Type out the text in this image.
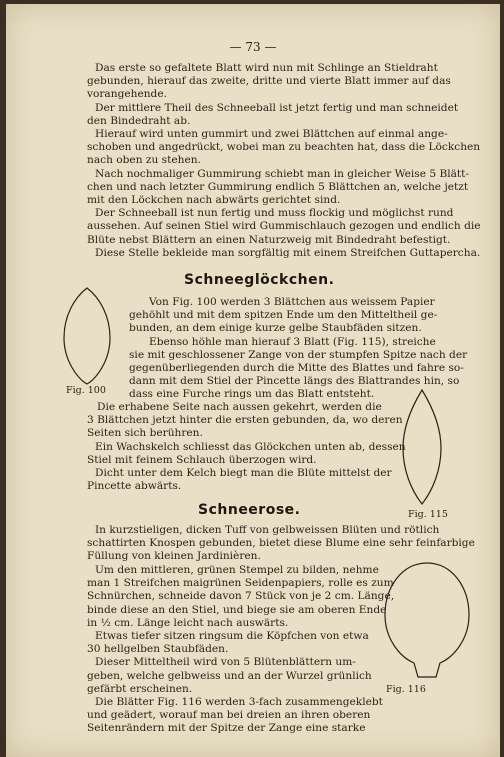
— 73 —
Das erste so gefaltete Blatt wird nun mit Schlinge an Stieldraht
gebunden, hierauf das zweite, dritte und vierte Blatt immer auf das
vorangehende.
Der mittlere Theil des Schneeball ist jetzt fertig und man schneidet
den Bindedraht ab.
Hierauf wird unten gummirt und zwei Blättchen auf einmal ange-
schoben und angedrückt, wobei man zu beachten hat, dass die Löckchen
nach oben zu stehen.
Nach nochmaliger Gummirung schiebt man in gleicher Weise 5 Blätt-
chen und nach letzter Gummirung endlich 5 Blättchen an, welche jetzt
mit den Löckchen nach abwärts gerichtet sind.
Der Schneeball ist nun fertig und muss flockig und möglichst rund
aussehen. Auf seinen Stiel wird Gummischlauch gezogen und endlich die
Blüte nebst Blättern an einen Naturzweig mit Bindedraht befestigt.
Diese Stelle bekleide man sorgfältig mit einem Streifchen Guttapercha.
Schneeglöckchen.
Fig. 100
Von Fig. 100 werden 3 Blättchen aus weissem Papier
gehöhlt und mit dem spitzen Ende um den Mitteltheil ge-
bunden, an dem einige kurze gelbe Staubfäden sitzen.
Ebenso höhle man hierauf 3 Blatt (Fig. 115), streiche
sie mit geschlossener Zange von der stumpfen Spitze nach der
gegenüberliegenden durch die Mitte des Blattes und fahre so-
dann mit dem Stiel der Pincette längs des Blattrandes hin, so
dass eine Furche rings um das Blatt entsteht.
Fig. 115
Die erhabene Seite nach aussen gekehrt, werden die
3 Blättchen jetzt hinter die ersten gebunden, da, wo deren
Seiten sich berühren.
Ein Wachskelch schliesst das Glöckchen unten ab, dessen
Stiel mit feinem Schlauch überzogen wird.
Dicht unter dem Kelch biegt man die Blüte mittelst der
Pincette abwärts.
Schneerose.
In kurzstieligen, dicken Tuff von gelbweissen Blüten und rötlich
schattirten Knospen gebunden, bietet diese Blume eine sehr feinfarbige
Füllung von kleinen Jardinièren.
Um den mittleren, grünen Stempel zu bilden, nehme
man 1 Streifchen maigrünen Seidenpapiers, rolle es zum
Schnürchen, schneide davon 7 Stück von je 2 cm. Länge,
binde diese an den Stiel, und biege sie am oberen Ende
in ½ cm. Länge leicht nach auswärts.
Etwas tiefer sitzen ringsum die Köpfchen von etwa
30 hellgelben Staubfäden.
Dieser Mitteltheil wird von 5 Blütenblättern um-
geben, welche gelbweiss und an der Wurzel grünlich
gefärbt erscheinen.
Die Blätter Fig. 116 werden 3-fach zusammengeklebt
und geädert, worauf man bei dreien an ihren oberen
Seitenrändern mit der Spitze der Zange eine starke
Fig. 116
